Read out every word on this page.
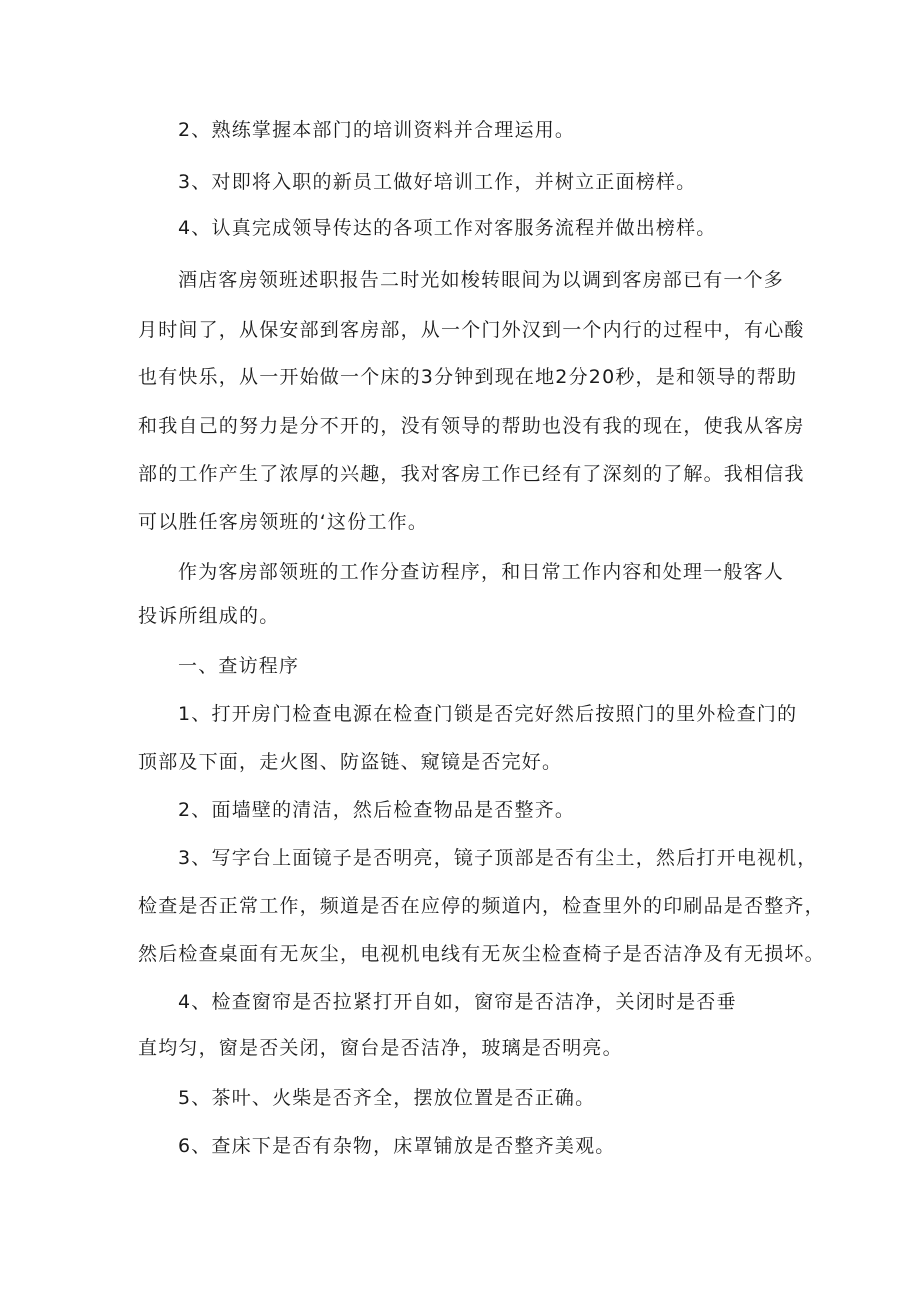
2、熟练掌握本部门的培训资料并合理运用。
3、对即将入职的新员工做好培训工作，并树立正面榜样。
4、认真完成领导传达的各项工作对客服务流程并做出榜样。
酒店客房领班述职报告二时光如梭转眼间为以调到客房部已有一个多
月时间了，从保安部到客房部，从一个门外汉到一个内行的过程中，有心酸
也有快乐，从一开始做一个床的3分钟到现在地2分20秒，是和领导的帮助
和我自己的努力是分不开的，没有领导的帮助也没有我的现在，使我从客房
部的工作产生了浓厚的兴趣，我对客房工作已经有了深刻的了解。我相信我
可以胜任客房领班的‘这份工作。
作为客房部领班的工作分查访程序，和日常工作内容和处理一般客人
投诉所组成的。
一、查访程序
1、打开房门检查电源在检查门锁是否完好然后按照门的里外检查门的
顶部及下面，走火图、防盗链、窥镜是否完好。
2、面墙壁的清洁，然后检查物品是否整齐。
3、写字台上面镜子是否明亮，镜子顶部是否有尘土，然后打开电视机，
检查是否正常工作，频道是否在应停的频道内，检查里外的印刷品是否整齐，
然后检查桌面有无灰尘，电视机电线有无灰尘检查椅子是否洁净及有无损坏。
4、检查窗帘是否拉紧打开自如，窗帘是否洁净，关闭时是否垂
直均匀，窗是否关闭，窗台是否洁净，玻璃是否明亮。
5、茶叶、火柴是否齐全，摆放位置是否正确。
6、查床下是否有杂物，床罩铺放是否整齐美观。
